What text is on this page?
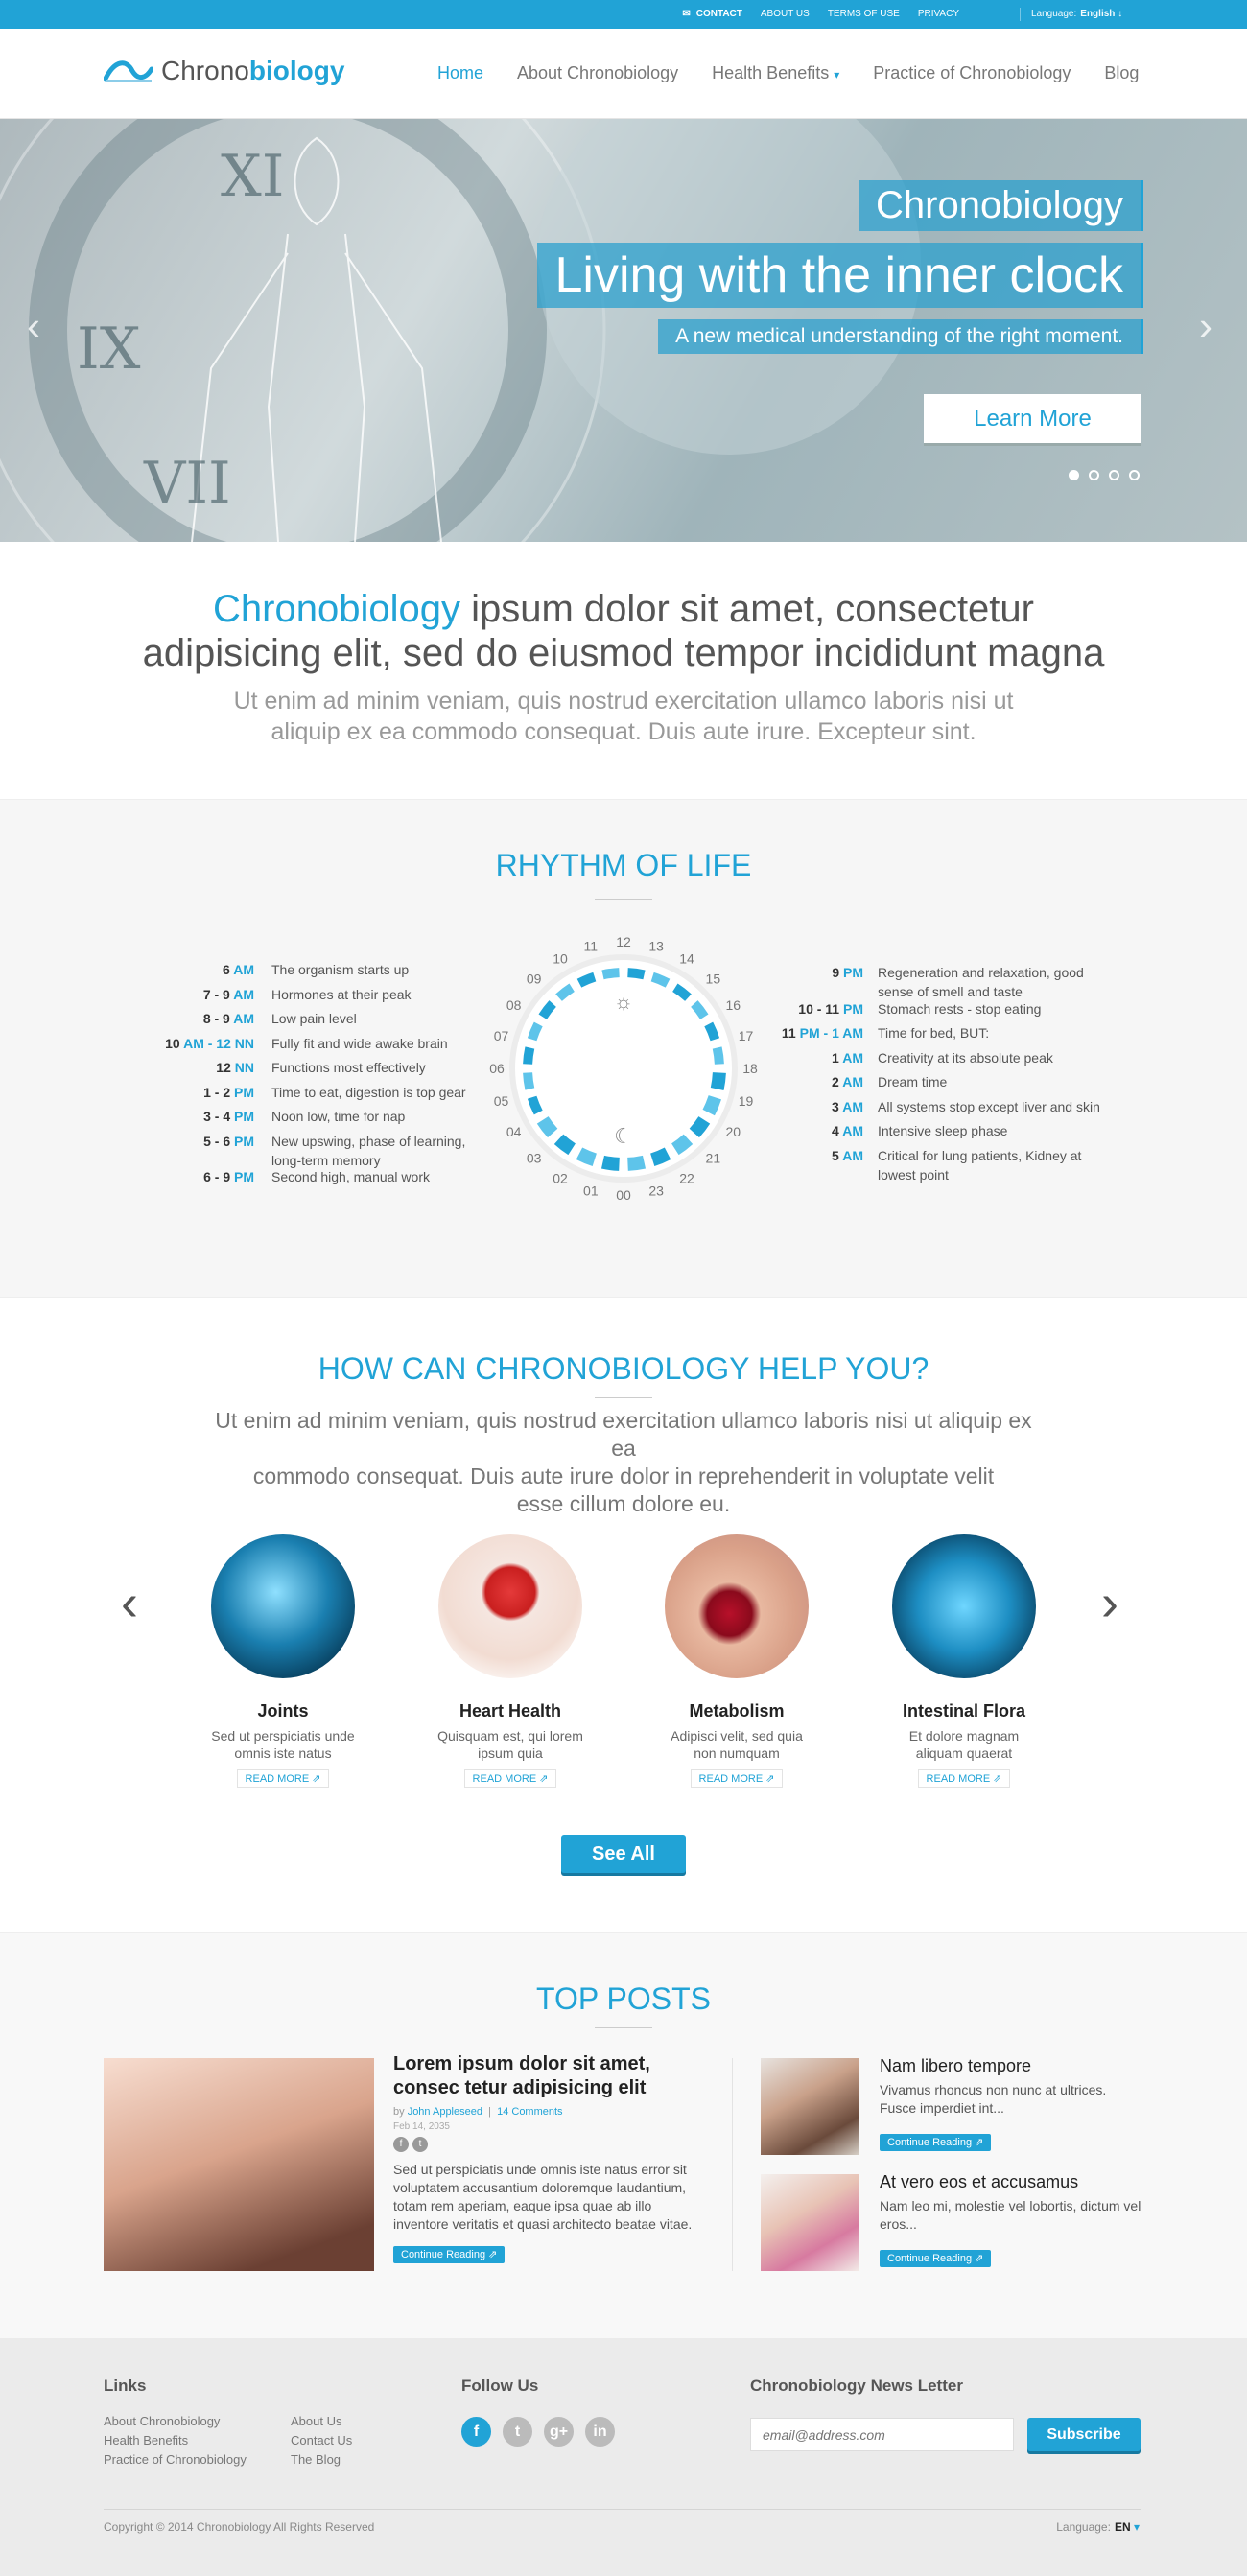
✉ CONTACT ABOUT US TERMS OF USE PRIVACY	Language: English ↕
Chronobiology	Home About Chronobiology Health Benefits ▾ Practice of Chronobiology Blog
XI
IX
VII
Chronobiology
Living with the inner clock
A new medical understanding of the right moment.
Learn More
‹	›
Chronobiology ipsum dolor sit amet, consectetur
adipisicing elit, sed do eiusmod tempor incididunt magna
Ut enim ad minim veniam, quis nostrud exercitation ullamco laboris nisi ut
aliquip ex ea commodo consequat. Duis aute irure. Excepteur sint.
RHYTHM OF LIFE
6 AM The organism starts up
7 - 9 AM Hormones at their peak
8 - 9 AM Low pain level
10 AM - 12 NN Fully fit and wide awake brain
12 NN Functions most effectively
1 - 2 PM Time to eat, digestion is top gear
3 - 4 PM Noon low, time for nap
5 - 6 PM New upswing, phase of learning, long-term memory
6 - 9 PM Second high, manual work
9 PM Regeneration and relaxation, good sense of smell and taste
10 - 11 PM Stomach rests - stop eating
11 PM - 1 AM Time for bed, BUT:
1 AM Creativity at its absolute peak
2 AM Dream time
3 AM All systems stop except liver and skin
4 AM Intensive sleep phase
5 AM Critical for lung patients, Kidney at lowest point
00
01
02
03
04
05
06
07
08
09
10
11 12 13
14
15
16
17
18
19
20
21
22
23
☼
☾
HOW CAN CHRONOBIOLOGY HELP YOU?
Ut enim ad minim veniam, quis nostrud exercitation ullamco laboris nisi ut aliquip ex ea
commodo consequat. Duis aute irure dolor in reprehenderit in voluptate velit
esse cillum dolore eu.
‹	›
Joints
Sed ut perspiciatis unde
omnis iste natus
READ MORE ⇗
Heart Health
Quisquam est, qui lorem
ipsum quia
READ MORE ⇗
Metabolism
Adipisci velit, sed quia
non numquam
READ MORE ⇗
Intestinal Flora
Et dolore magnam
aliquam quaerat
READ MORE ⇗
See All
TOP POSTS
Lorem ipsum dolor sit amet, consec tetur adipisicing elit
by John Appleseed  |  14 Comments
Feb 14, 2035
f	t
Sed ut perspiciatis unde omnis iste natus error sit voluptatem accusantium doloremque laudantium, totam rem aperiam, eaque ipsa quae ab illo inventore veritatis et quasi architecto beatae vitae.
Continue Reading ⇗
Nam libero tempore
Vivamus rhoncus non nunc at ultrices. Fusce imperdiet int...
Continue Reading ⇗
At vero eos et accusamus
Nam leo mi, molestie vel lobortis, dictum vel eros...
Continue Reading ⇗
Links
About Chronobiology
Health Benefits
Practice of Chronobiology
About Us
Contact Us
The Blog
Follow Us
f	t	g+	in
Chronobiology News Letter
email@address.com
Subscribe
Copyright © 2014 Chronobiology All Rights Reserved	Language: EN ▾
